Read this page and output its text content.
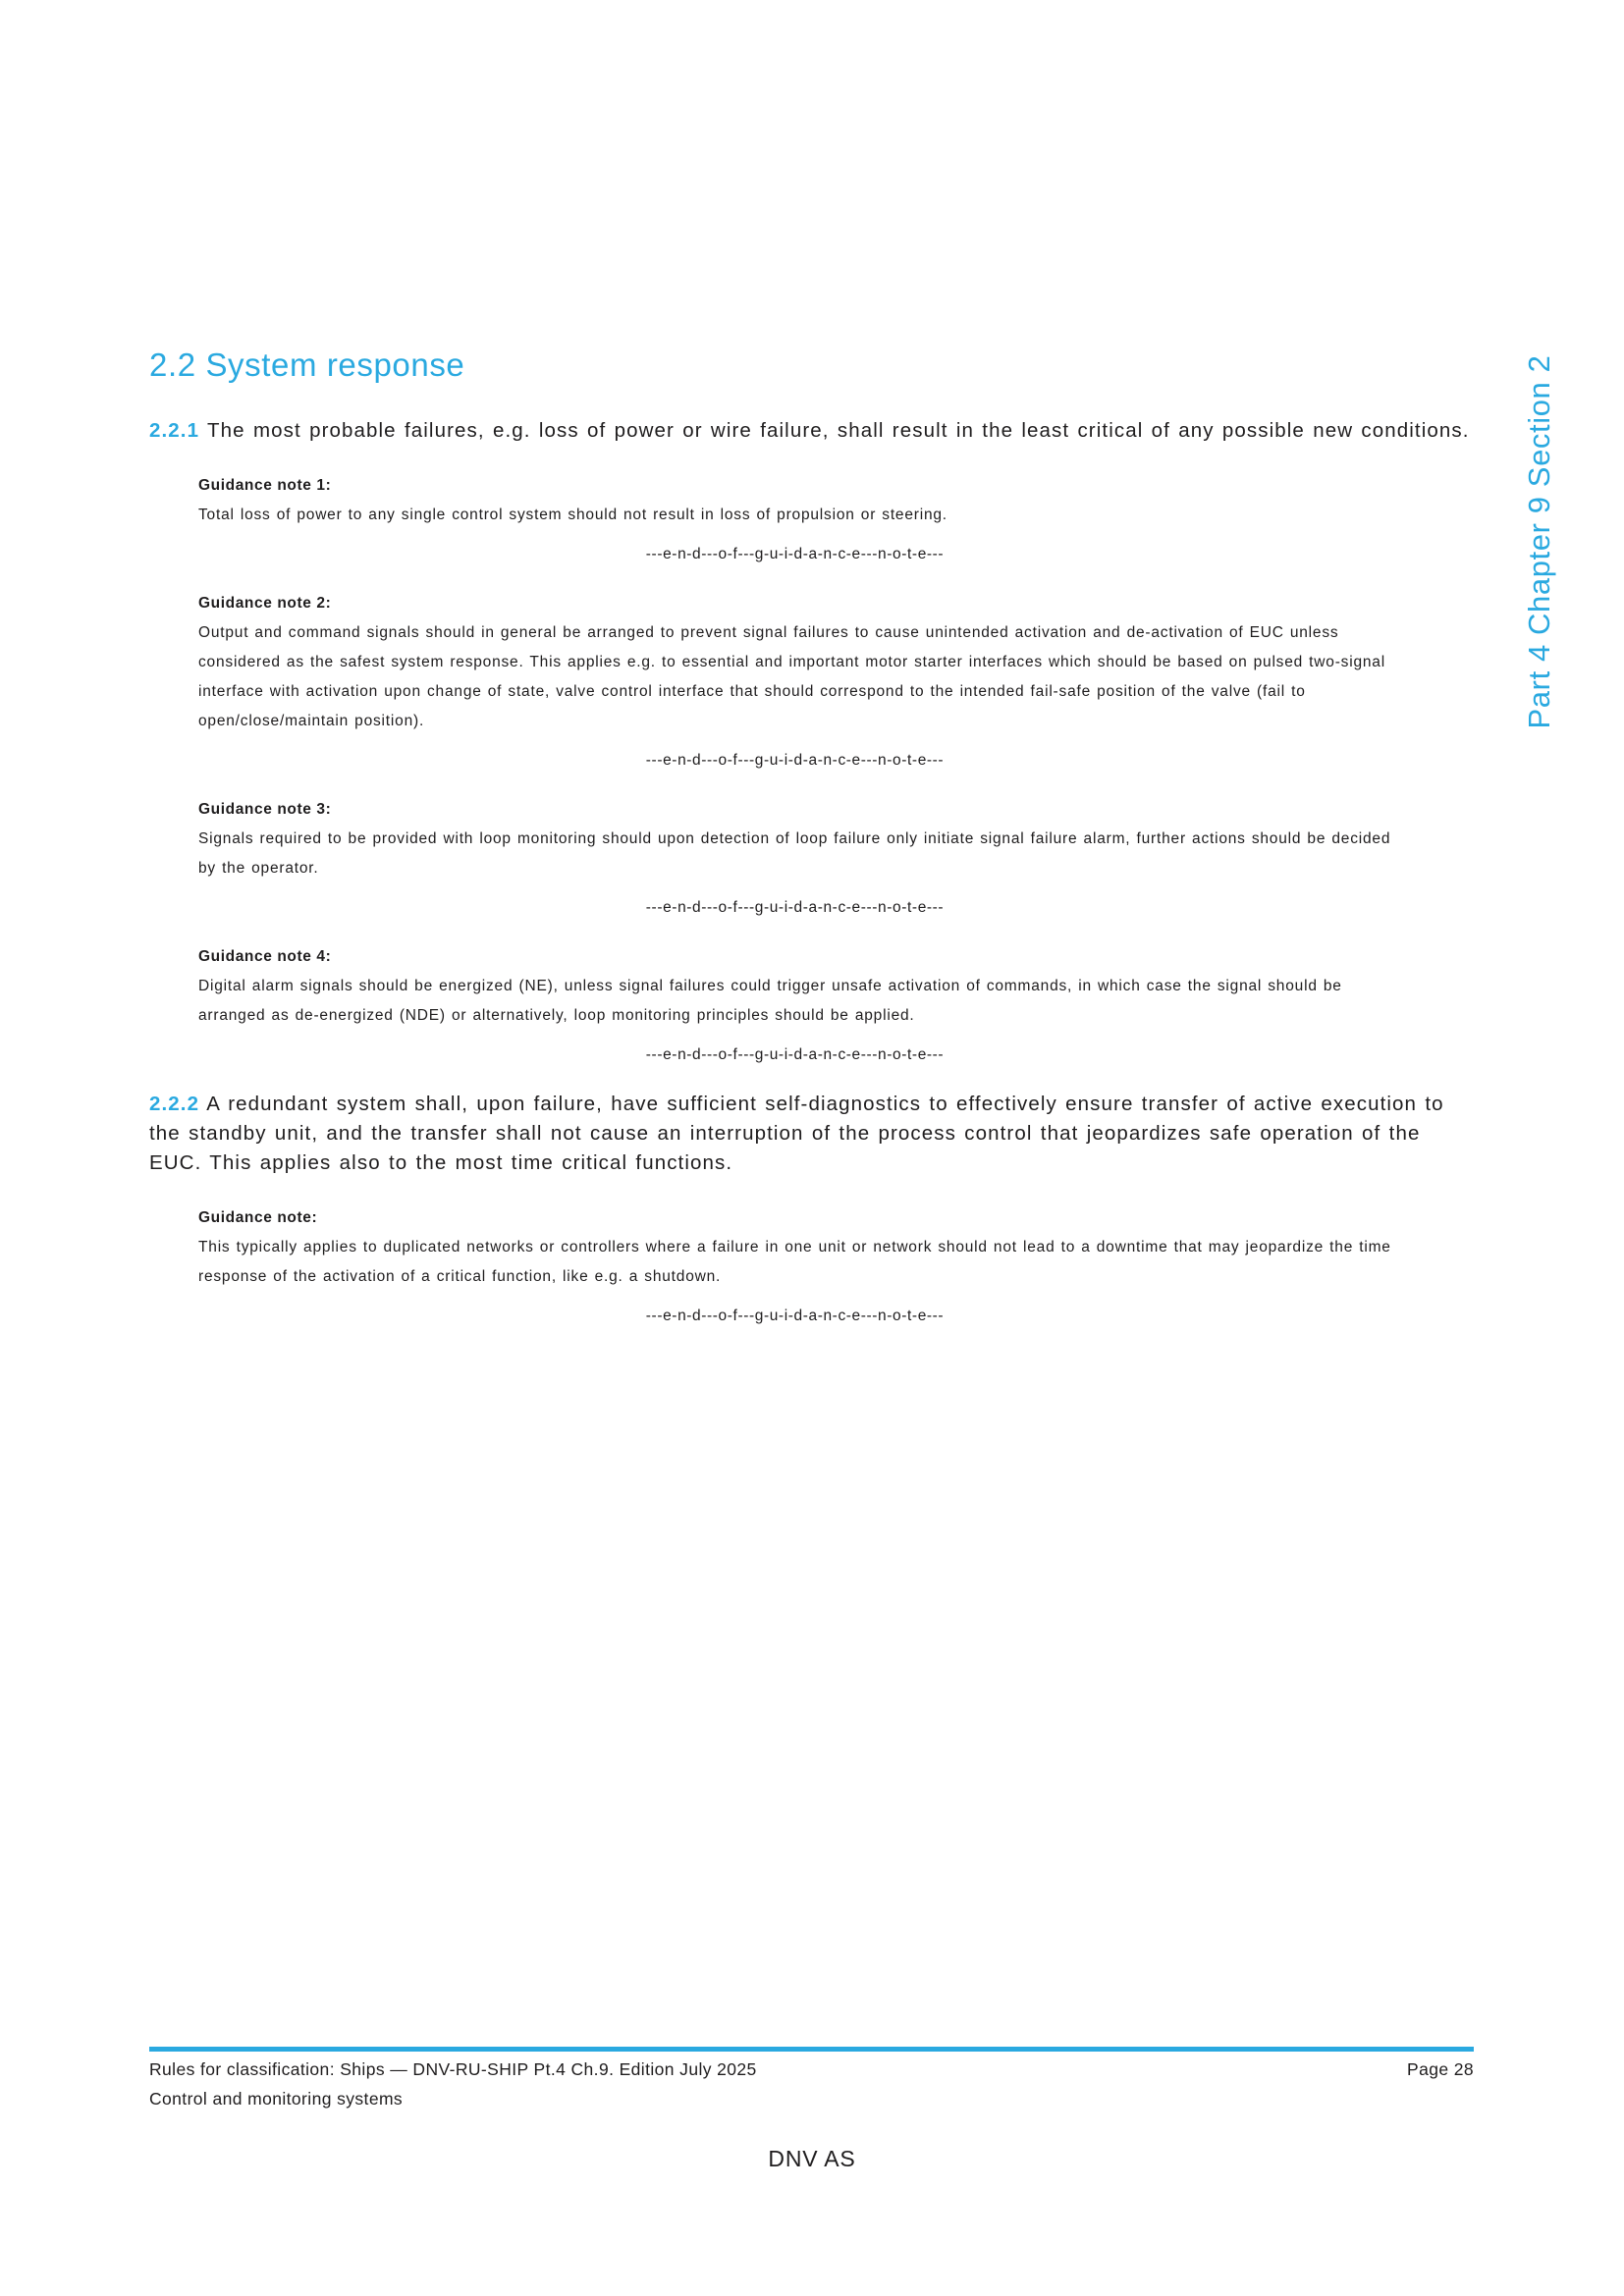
2.2 System response

2.2.1 The most probable failures, e.g. loss of power or wire failure, shall result in the least critical of any possible new conditions.

Guidance note 1:

Total loss of power to any single control system should not result in loss of propulsion or steering.

---e-n-d---o-f---g-u-i-d-a-n-c-e---n-o-t-e---

Guidance note 2:

Output and command signals should in general be arranged to prevent signal failures to cause unintended activation and de-activation of EUC unless considered as the safest system response. This applies e.g. to essential and important motor starter interfaces which should be based on pulsed two-signal interface with activation upon change of state, valve control interface that should correspond to the intended fail-safe position of the valve (fail to open/close/maintain position).

---e-n-d---o-f---g-u-i-d-a-n-c-e---n-o-t-e---

Guidance note 3:

Signals required to be provided with loop monitoring should upon detection of loop failure only initiate signal failure alarm, further actions should be decided by the operator.

---e-n-d---o-f---g-u-i-d-a-n-c-e---n-o-t-e---

Guidance note 4:

Digital alarm signals should be energized (NE), unless signal failures could trigger unsafe activation of commands, in which case the signal should be arranged as de-energized (NDE) or alternatively, loop monitoring principles should be applied.

---e-n-d---o-f---g-u-i-d-a-n-c-e---n-o-t-e---

2.2.2 A redundant system shall, upon failure, have sufficient self-diagnostics to effectively ensure transfer of active execution to the standby unit, and the transfer shall not cause an interruption of the process control that jeopardizes safe operation of the EUC. This applies also to the most time critical functions.

Guidance note:

This typically applies to duplicated networks or controllers where a failure in one unit or network should not lead to a downtime that may jeopardize the time response of the activation of a critical function, like e.g. a shutdown.

---e-n-d---o-f---g-u-i-d-a-n-c-e---n-o-t-e---

Part 4 Chapter 9 Section 2
Rules for classification: Ships — DNV-RU-SHIP Pt.4 Ch.9. Edition July 2025	Page 28
Control and monitoring systems
DNV AS
